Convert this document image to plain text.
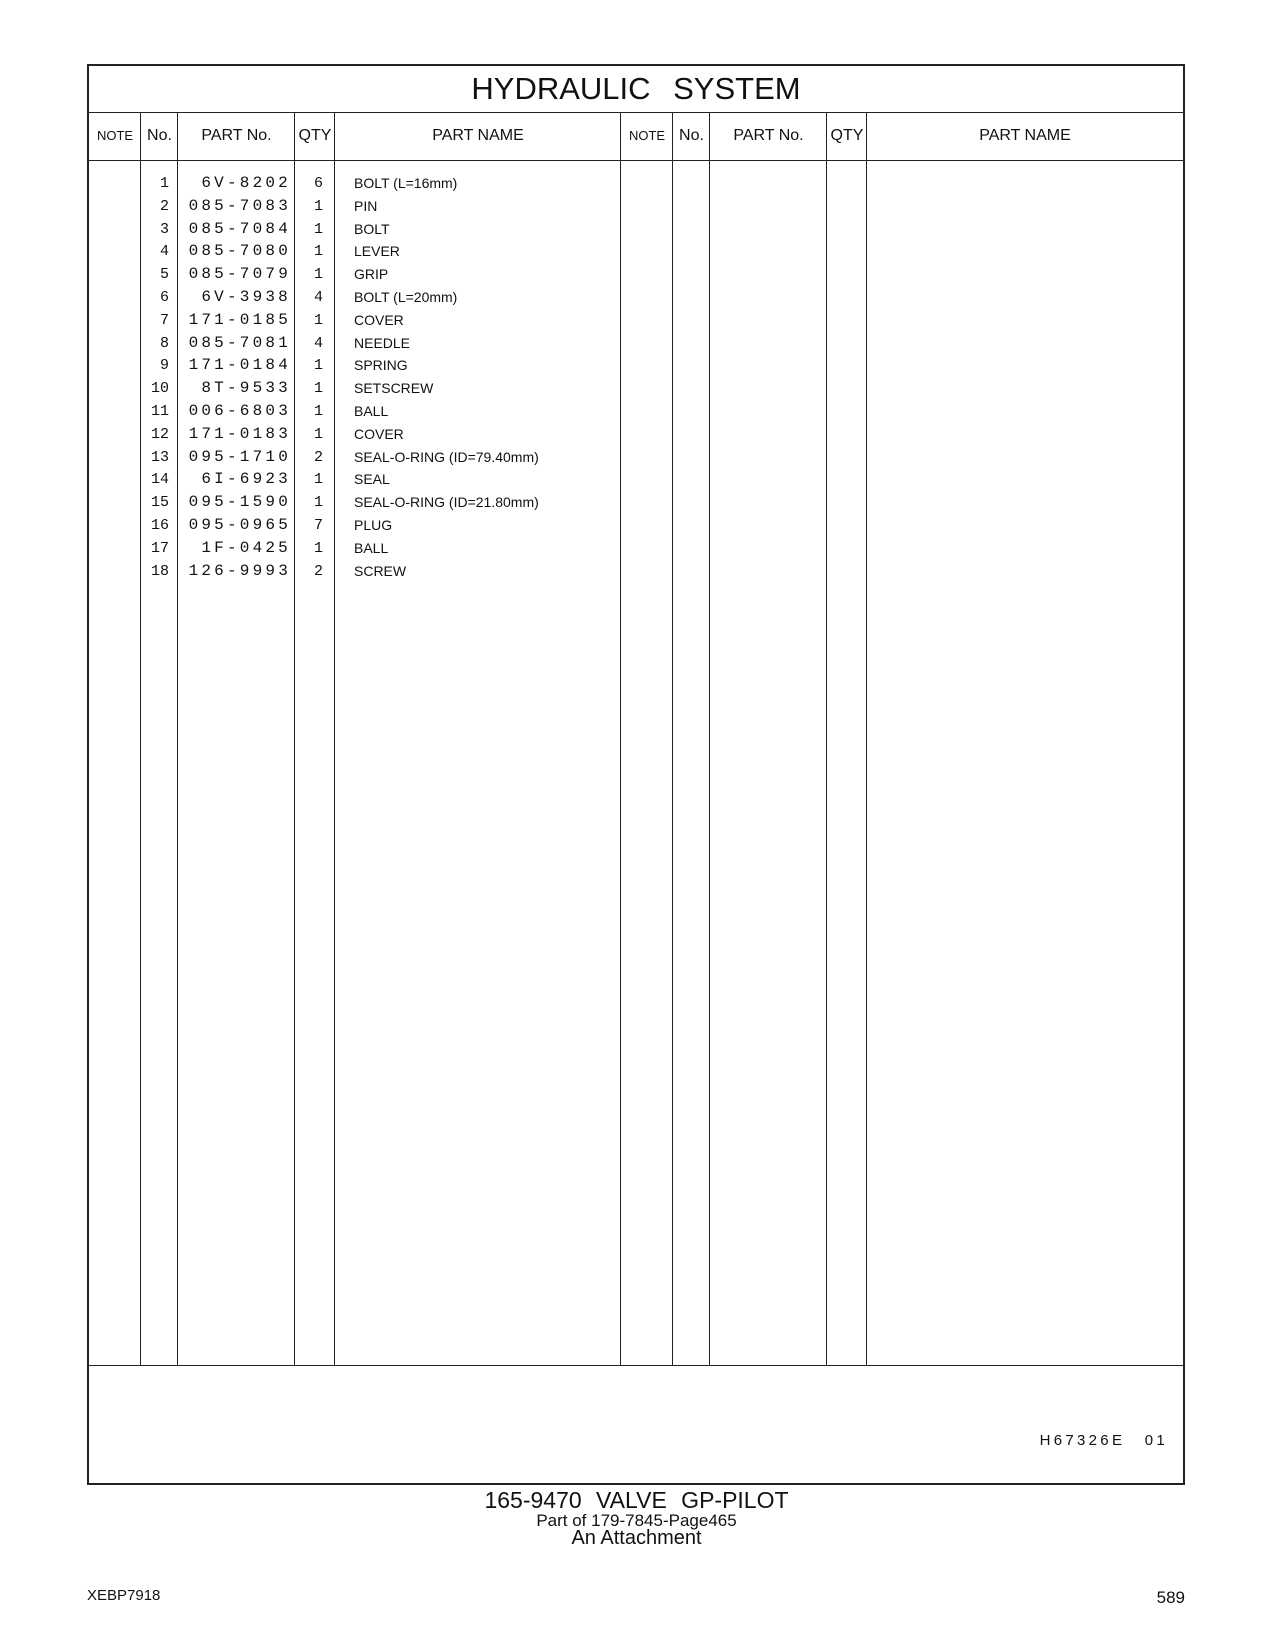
HYDRAULIC SYSTEM
NOTE No.	PART No.	QTY	PART NAME	NOTE No.	PART No.	QTY	PART NAME
1	6V-8202	6 BOLT (L=16mm)
2	085-7083	1 PIN
3	085-7084	1 BOLT
4	085-7080	1 LEVER
5	085-7079	1 GRIP
6	6V-3938	4 BOLT (L=20mm)
7	171-0185	1 COVER
8	085-7081	4 NEEDLE
9	171-0184	1 SPRING
10	8T-9533	1 SETSCREW
11	006-6803	1 BALL
12	171-0183	1 COVER
13	095-1710	2 SEAL-O-RING (ID=79.40mm)
14	6I-6923	1 SEAL
15	095-1590	1 SEAL-O-RING (ID=21.80mm)
16	095-0965	7 PLUG
17	1F-0425	1 BALL
18	126-9993	2 SCREW
H67326E 01
165-9470 VALVE GP-PILOT
Part of 179-7845-Page465
An Attachment
XEBP7918	589
